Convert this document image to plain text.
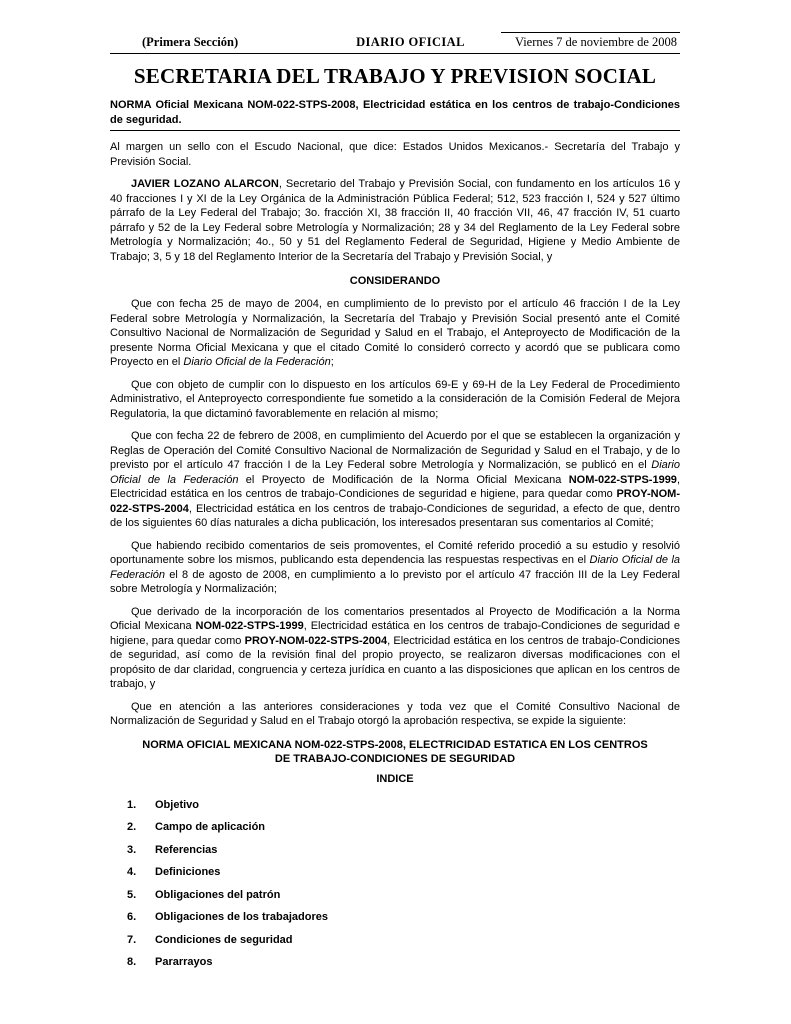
(Primera Sección)	DIARIO OFICIAL	Viernes 7 de noviembre de 2008
SECRETARIA DEL TRABAJO Y PREVISION SOCIAL

NORMA Oficial Mexicana NOM-022-STPS-2008, Electricidad estática en los centros de trabajo-Condiciones de seguridad.

Al margen un sello con el Escudo Nacional, que dice: Estados Unidos Mexicanos.- Secretaría del Trabajo y Previsión Social.

JAVIER LOZANO ALARCON, Secretario del Trabajo y Previsión Social, con fundamento en los artículos 16 y 40 fracciones I y XI de la Ley Orgánica de la Administración Pública Federal; 512, 523 fracción I, 524 y 527 último párrafo de la Ley Federal del Trabajo; 3o. fracción XI, 38 fracción II, 40 fracción VII, 46, 47 fracción IV, 51 cuarto párrafo y 52 de la Ley Federal sobre Metrología y Normalización; 28 y 34 del Reglamento de la Ley Federal sobre Metrología y Normalización; 4o., 50 y 51 del Reglamento Federal de Seguridad, Higiene y Medio Ambiente de Trabajo; 3, 5 y 18 del Reglamento Interior de la Secretaría del Trabajo y Previsión Social, y

CONSIDERANDO

Que con fecha 25 de mayo de 2004, en cumplimiento de lo previsto por el artículo 46 fracción I de la Ley Federal sobre Metrología y Normalización, la Secretaría del Trabajo y Previsión Social presentó ante el Comité Consultivo Nacional de Normalización de Seguridad y Salud en el Trabajo, el Anteproyecto de Modificación de la presente Norma Oficial Mexicana y que el citado Comité lo consideró correcto y acordó que se publicara como Proyecto en el Diario Oficial de la Federación;

Que con objeto de cumplir con lo dispuesto en los artículos 69-E y 69-H de la Ley Federal de Procedimiento Administrativo, el Anteproyecto correspondiente fue sometido a la consideración de la Comisión Federal de Mejora Regulatoria, la que dictaminó favorablemente en relación al mismo;

Que con fecha 22 de febrero de 2008, en cumplimiento del Acuerdo por el que se establecen la organización y Reglas de Operación del Comité Consultivo Nacional de Normalización de Seguridad y Salud en el Trabajo, y de lo previsto por el artículo 47 fracción I de la Ley Federal sobre Metrología y Normalización, se publicó en el Diario Oficial de la Federación el Proyecto de Modificación de la Norma Oficial Mexicana NOM-022-STPS-1999, Electricidad estática en los centros de trabajo-Condiciones de seguridad e higiene, para quedar como PROY-NOM-022-STPS-2004, Electricidad estática en los centros de trabajo-Condiciones de seguridad, a efecto de que, dentro de los siguientes 60 días naturales a dicha publicación, los interesados presentaran sus comentarios al Comité;

Que habiendo recibido comentarios de seis promoventes, el Comité referido procedió a su estudio y resolvió oportunamente sobre los mismos, publicando esta dependencia las respuestas respectivas en el Diario Oficial de la Federación el 8 de agosto de 2008, en cumplimiento a lo previsto por el artículo 47 fracción III de la Ley Federal sobre Metrología y Normalización;

Que derivado de la incorporación de los comentarios presentados al Proyecto de Modificación a la Norma Oficial Mexicana NOM-022-STPS-1999, Electricidad estática en los centros de trabajo-Condiciones de seguridad e higiene, para quedar como PROY-NOM-022-STPS-2004, Electricidad estática en los centros de trabajo-Condiciones de seguridad, así como de la revisión final del propio proyecto, se realizaron diversas modificaciones con el propósito de dar claridad, congruencia y certeza jurídica en cuanto a las disposiciones que aplican en los centros de trabajo, y

Que en atención a las anteriores consideraciones y toda vez que el Comité Consultivo Nacional de Normalización de Seguridad y Salud en el Trabajo otorgó la aprobación respectiva, se expide la siguiente:

NORMA OFICIAL MEXICANA NOM-022-STPS-2008, ELECTRICIDAD ESTATICA EN LOS CENTROS DE TRABAJO-CONDICIONES DE SEGURIDAD
INDICE
1.	Objetivo
2.	Campo de aplicación
3.	Referencias
4.	Definiciones
5.	Obligaciones del patrón
6.	Obligaciones de los trabajadores
7.	Condiciones de seguridad
8.	Pararrayos
